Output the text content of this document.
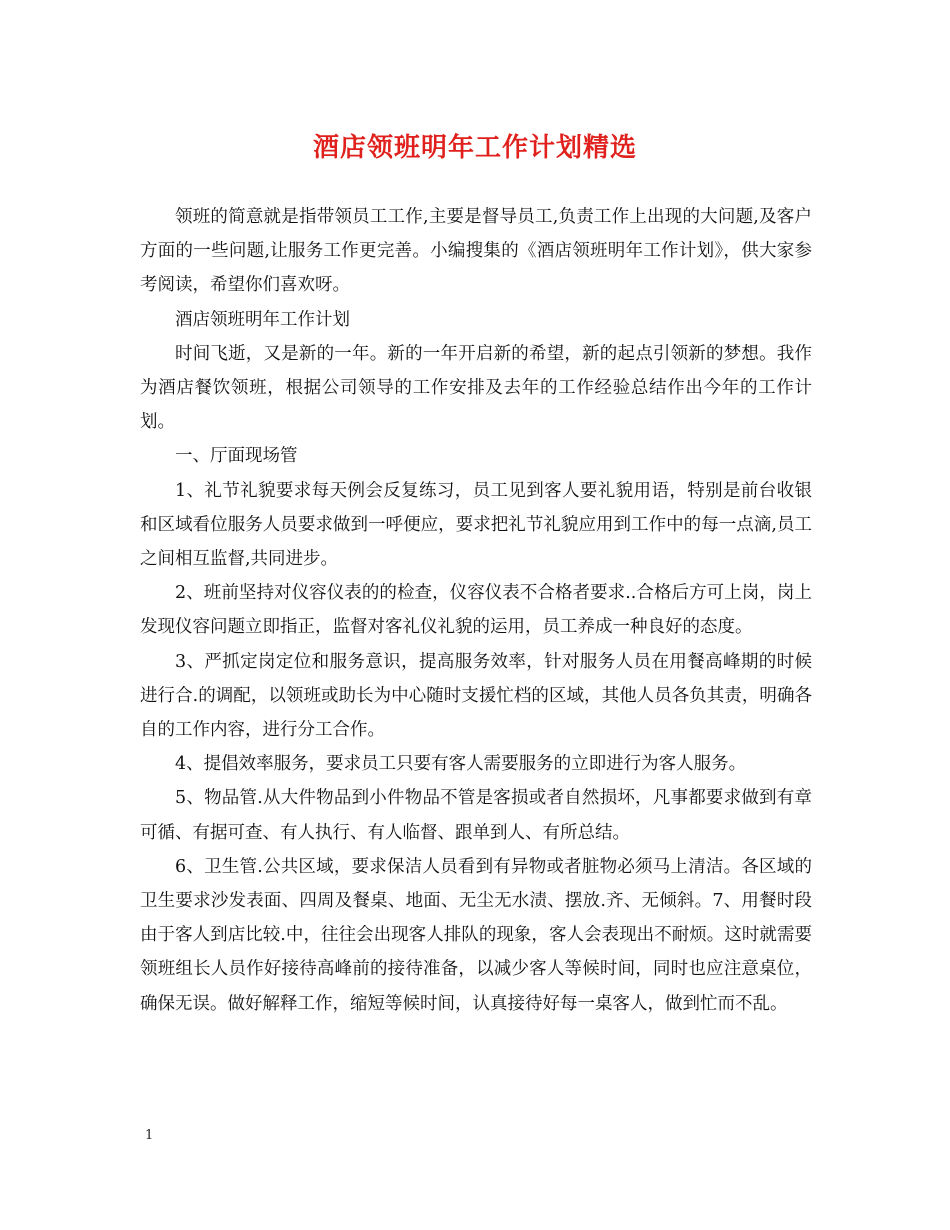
酒店领班明年工作计划精选

领班的简意就是指带领员工工作,主要是督导员工,负责工作上出现的大问题,及客户方面的一些问题,让服务工作更完善。小编搜集的《酒店领班明年工作计划》，供大家参考阅读，希望你们喜欢呀。

酒店领班明年工作计划

时间飞逝，又是新的一年。新的一年开启新的希望，新的起点引领新的梦想。我作为酒店餐饮领班，根据公司领导的工作安排及去年的工作经验总结作出今年的工作计划。

一、厅面现场管

1、礼节礼貌要求每天例会反复练习，员工见到客人要礼貌用语，特别是前台收银和区域看位服务人员要求做到一呼便应，要求把礼节礼貌应用到工作中的每一点滴,员工之间相互监督,共同进步。

2、班前坚持对仪容仪表的的检查，仪容仪表不合格者要求..合格后方可上岗，岗上发现仪容问题立即指正，监督对客礼仪礼貌的运用，员工养成一种良好的态度。

3、严抓定岗定位和服务意识，提高服务效率，针对服务人员在用餐高峰期的时候进行合.的调配，以领班或助长为中心随时支援忙档的区域，其他人员各负其责，明确各自的工作内容，进行分工合作。

4、提倡效率服务，要求员工只要有客人需要服务的立即进行为客人服务。

5、物品管.从大件物品到小件物品不管是客损或者自然损坏，凡事都要求做到有章可循、有据可查、有人执行、有人临督、跟单到人、有所总结。

6、卫生管.公共区域，要求保洁人员看到有异物或者脏物必须马上清洁。各区域的卫生要求沙发表面、四周及餐桌、地面、无尘无水渍、摆放.齐、无倾斜。7、用餐时段由于客人到店比较.中，往往会出现客人排队的现象，客人会表现出不耐烦。这时就需要领班组长人员作好接待高峰前的接待准备，以减少客人等候时间，同时也应注意桌位，确保无误。做好解释工作，缩短等候时间，认真接待好每一桌客人，做到忙而不乱。

1
